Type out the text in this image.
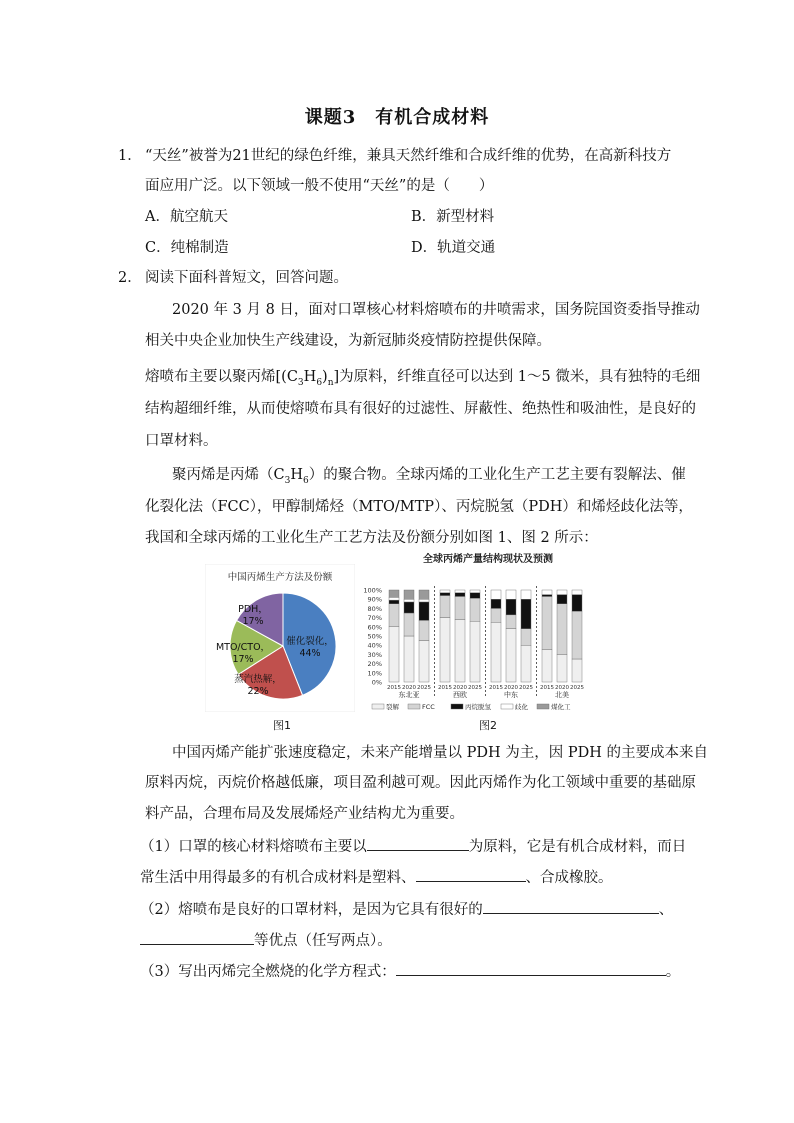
课题3　有机合成材料
1． “天丝”被誉为21世纪的绿色纤维，兼具天然纤维和合成纤维的优势，在高新科技方
面应用广泛。以下领域一般不使用“天丝”的是（　　）
A．航空航天	B．新型材料
C．纯棉制造	D．轨道交通
2． 阅读下面科普短文，回答问题。
2020 年 3 月 8 日，面对口罩核心材料熔喷布的井喷需求，国务院国资委指导推动
相关中央企业加快生产线建设，为新冠肺炎疫情防控提供保障。
熔喷布主要以聚丙烯$[(C_3H_6)_n]$为原料，纤维直径可以达到 1～5 微米，具有独特的毛细
结构超细纤维，从而使熔喷布具有很好的过滤性、屏蔽性、绝热性和吸油性，是良好的
口罩材料。
聚丙烯是丙烯$(C_3H_6)$的聚合物。全球丙烯的工业化生产工艺主要有裂解法、催
化裂化法（FCC），甲醇制烯烃（MTO/MTP）、丙烷脱氢（PDH）和烯烃歧化法等，
我国和全球丙烯的工业化生产工艺方法及份额分别如图 1、图 2 所示：
中国丙烯生产方法及份额
催化裂化，
44%
蒸汽热解，
22%
MTO/CTO，
17%
PDH，
17%
图1
全球丙烯产量结构现状及预测
100%
90%
80%
70%
60%
50%
40%
30%
20%
10%
0%
2015 2020 2025
东北亚
2015 2020 2025
西欧
2015 2020 2025
中东
2015 2020 2025
北美
裂解	FCC	丙烷脱氢	歧化	煤化工
图2
中国丙烯产能扩张速度稳定，未来产能增量以 PDH 为主，因 PDH 的主要成本来自
原料丙烷，丙烷价格越低廉，项目盈利越可观。因此丙烯作为化工领域中重要的基础原
料产品，合理布局及发展烯烃产业结构尤为重要。
（1）口罩的核心材料熔喷布主要以	为原料，它是有机合成材料，而日
常生活中用得最多的有机合成材料是塑料、	、合成橡胶。
（2）熔喷布是良好的口罩材料，是因为它具有很好的	、
等优点（任写两点）。
（3）写出丙烯完全燃烧的化学方程式：	。
